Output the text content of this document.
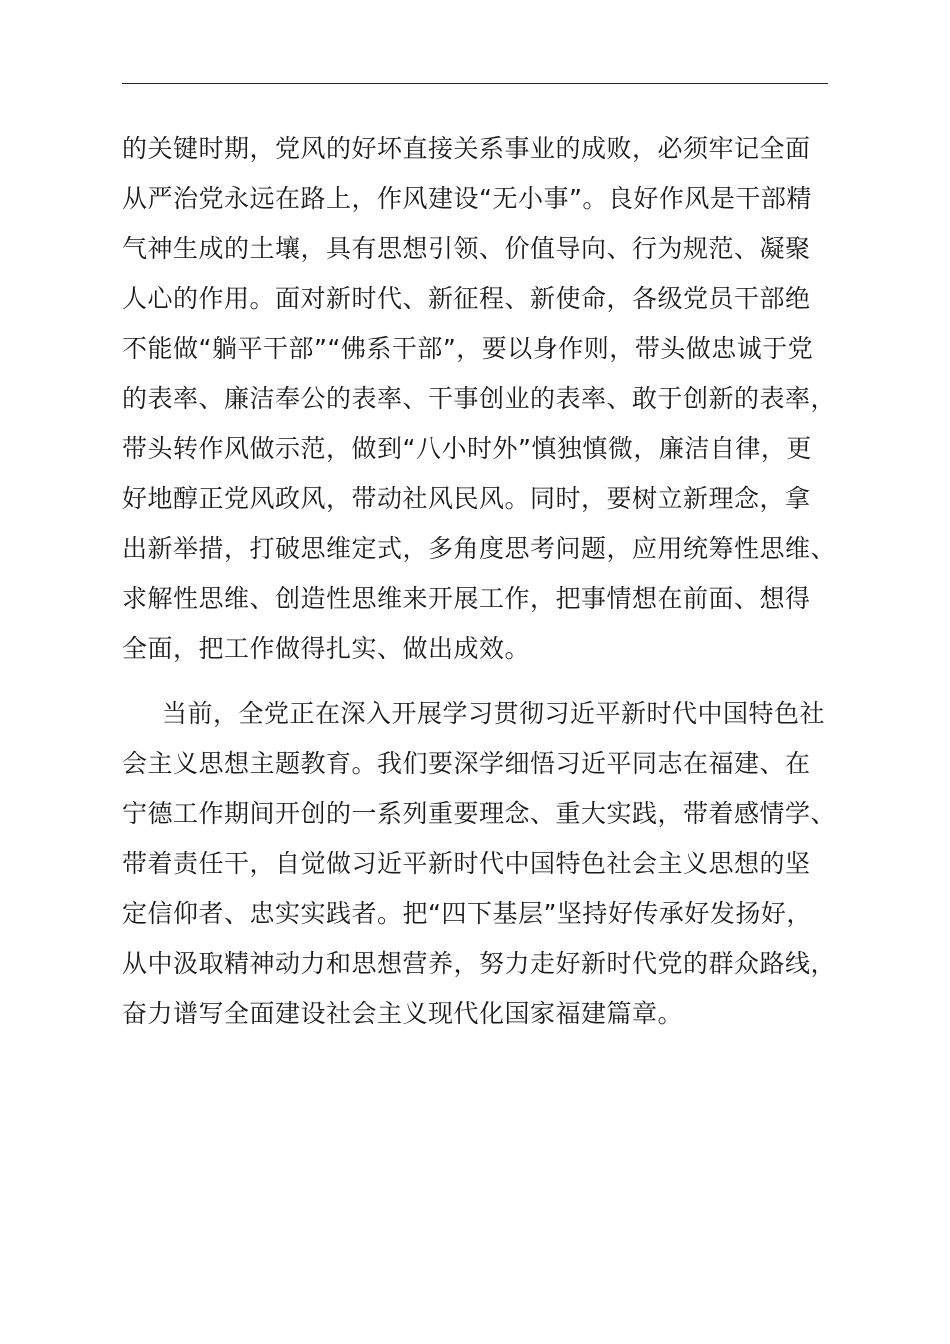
的关键时期，党风的好坏直接关系事业的成败，必须牢记全面
从严治党永远在路上，作风建设“无小事”。良好作风是干部精
气神生成的土壤，具有思想引领、价值导向、行为规范、凝聚
人心的作用。面对新时代、新征程、新使命，各级党员干部绝
不能做“躺平干部”“佛系干部”，要以身作则，带头做忠诚于党
的表率、廉洁奉公的表率、干事创业的表率、敢于创新的表率，
带头转作风做示范，做到“八小时外”慎独慎微，廉洁自律，更
好地醇正党风政风，带动社风民风。同时，要树立新理念，拿
出新举措，打破思维定式，多角度思考问题，应用统筹性思维、
求解性思维、创造性思维来开展工作，把事情想在前面、想得
全面，把工作做得扎实、做出成效。
当前，全党正在深入开展学习贯彻习近平新时代中国特色社
会主义思想主题教育。我们要深学细悟习近平同志在福建、在
宁德工作期间开创的一系列重要理念、重大实践，带着感情学、
带着责任干，自觉做习近平新时代中国特色社会主义思想的坚
定信仰者、忠实实践者。把“四下基层”坚持好传承好发扬好，
从中汲取精神动力和思想营养，努力走好新时代党的群众路线，
奋力谱写全面建设社会主义现代化国家福建篇章。
